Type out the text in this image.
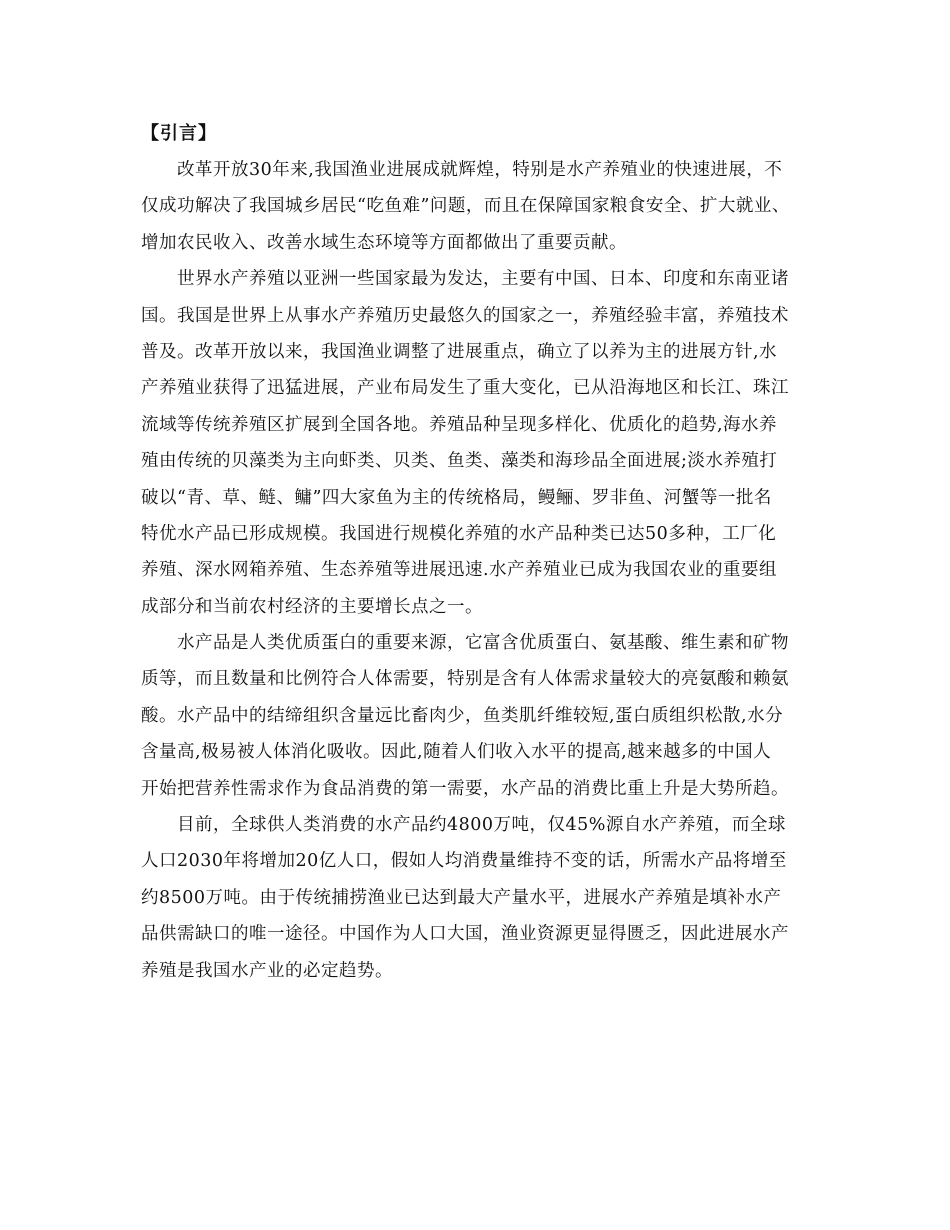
【引言】
改革开放30年来,我国渔业进展成就辉煌，特别是水产养殖业的快速进展，不
仅成功解决了我国城乡居民“吃鱼难”问题，而且在保障国家粮食安全、扩大就业、
增加农民收入、改善水域生态环境等方面都做出了重要贡献。
世界水产养殖以亚洲一些国家最为发达，主要有中国、日本、印度和东南亚诸
国。我国是世界上从事水产养殖历史最悠久的国家之一，养殖经验丰富，养殖技术
普及。改革开放以来，我国渔业调整了进展重点，确立了以养为主的进展方针,水
产养殖业获得了迅猛进展，产业布局发生了重大变化，已从沿海地区和长江、珠江
流域等传统养殖区扩展到全国各地。养殖品种呈现多样化、优质化的趋势,海水养
殖由传统的贝藻类为主向虾类、贝类、鱼类、藻类和海珍品全面进展;淡水养殖打
破以“青、草、鲢、鳙”四大家鱼为主的传统格局，鳗鲡、罗非鱼、河蟹等一批名
特优水产品已形成规模。我国进行规模化养殖的水产品种类已达50多种，工厂化
养殖、深水网箱养殖、生态养殖等进展迅速.水产养殖业已成为我国农业的重要组
成部分和当前农村经济的主要增长点之一。
水产品是人类优质蛋白的重要来源，它富含优质蛋白、氨基酸、维生素和矿物
质等，而且数量和比例符合人体需要，特别是含有人体需求量较大的亮氨酸和赖氨
酸。水产品中的结缔组织含量远比畜肉少，鱼类肌纤维较短,蛋白质组织松散,水分
含量高,极易被人体消化吸收。因此,随着人们收入水平的提高,越来越多的中国人
开始把营养性需求作为食品消费的第一需要，水产品的消费比重上升是大势所趋。
目前，全球供人类消费的水产品约4800万吨，仅45%源自水产养殖，而全球
人口2030年将增加20亿人口，假如人均消费量维持不变的话，所需水产品将增至
约8500万吨。由于传统捕捞渔业已达到最大产量水平，进展水产养殖是填补水产
品供需缺口的唯一途径。中国作为人口大国，渔业资源更显得匮乏，因此进展水产
养殖是我国水产业的必定趋势。
